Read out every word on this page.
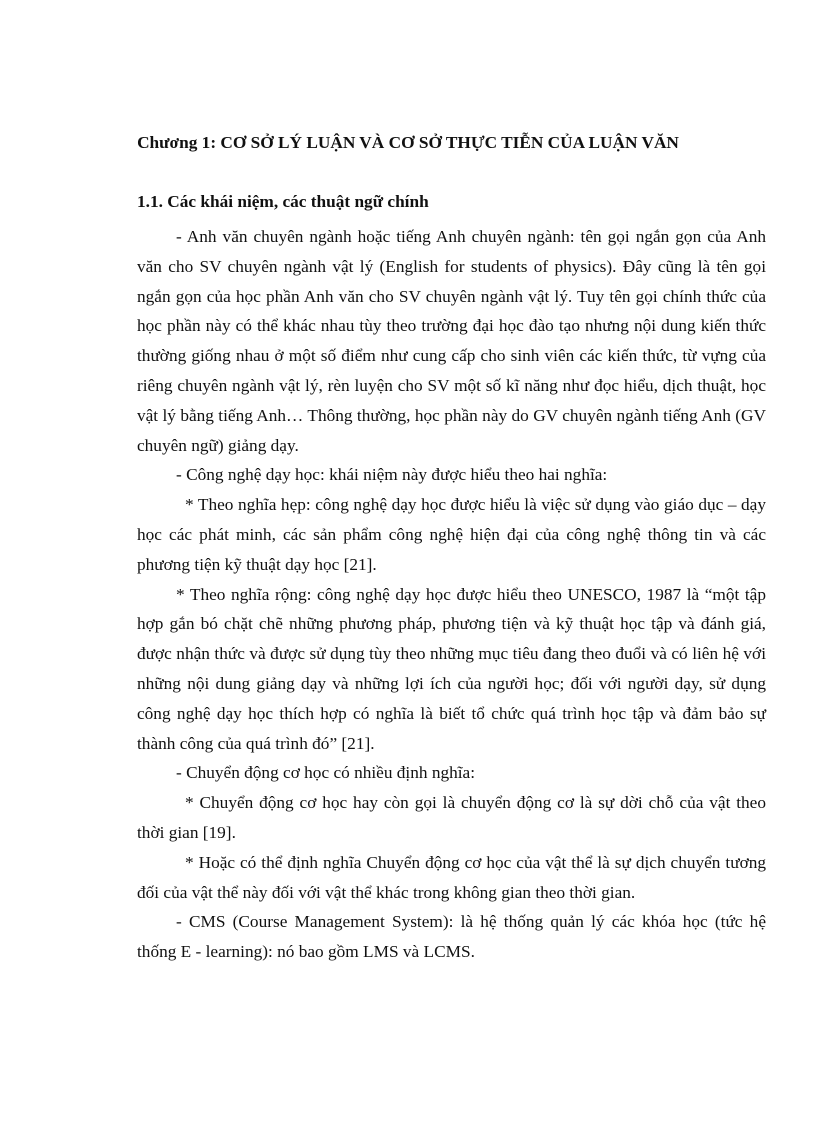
Chương 1: CƠ SỞ LÝ LUẬN VÀ CƠ SỞ THỰC TIỄN CỦA LUẬN VĂN
1.1. Các khái niệm, các thuật ngữ chính

- Anh văn chuyên ngành hoặc tiếng Anh chuyên ngành: tên gọi ngắn gọn của Anh văn cho SV chuyên ngành vật lý (English for students of physics). Đây cũng là tên gọi ngắn gọn của học phần Anh văn cho SV chuyên ngành vật lý. Tuy tên gọi chính thức của học phần này có thể khác nhau tùy theo trường đại học đào tạo nhưng nội dung kiến thức thường giống nhau ở một số điểm như cung cấp cho sinh viên các kiến thức, từ vựng của riêng chuyên ngành vật lý, rèn luyện cho SV một số kĩ năng như đọc hiểu, dịch thuật, học vật lý bằng tiếng Anh… Thông thường, học phần này do GV chuyên ngành tiếng Anh (GV chuyên ngữ) giảng dạy.

- Công nghệ dạy học: khái niệm này được hiểu theo hai nghĩa:

* Theo nghĩa hẹp: công nghệ dạy học được hiểu là việc sử dụng vào giáo dục – dạy học các phát minh, các sản phẩm công nghệ hiện đại của công nghệ thông tin và các phương tiện kỹ thuật dạy học [21].

* Theo nghĩa rộng: công nghệ dạy học được hiểu theo UNESCO, 1987 là “một tập hợp gắn bó chặt chẽ những phương pháp, phương tiện và kỹ thuật học tập và đánh giá, được nhận thức và được sử dụng tùy theo những mục tiêu đang theo đuổi và có liên hệ với những nội dung giảng dạy và những lợi ích của người học; đối với người dạy, sử dụng công nghệ dạy học thích hợp có nghĩa là biết tổ chức quá trình học tập và đảm bảo sự thành công của quá trình đó” [21].

- Chuyển động cơ học có nhiều định nghĩa:

* Chuyển động cơ học hay còn gọi là chuyển động cơ là sự dời chỗ của vật theo thời gian [19].

* Hoặc có thể định nghĩa Chuyển động cơ học của vật thể là sự dịch chuyển tương đối của vật thể này đối với vật thể khác trong không gian theo thời gian.

- CMS (Course Management System): là hệ thống quản lý các khóa học (tức hệ thống E - learning): nó bao gồm LMS và LCMS.
